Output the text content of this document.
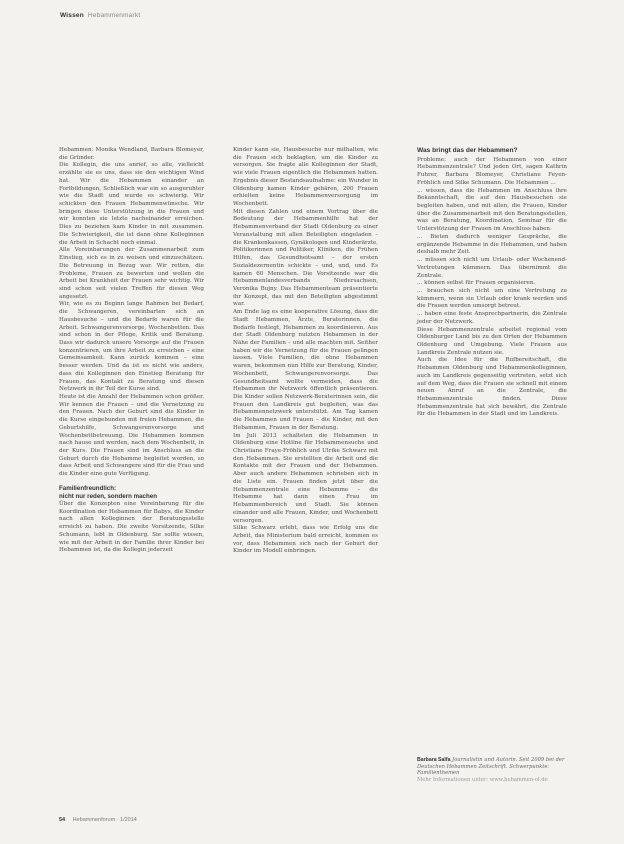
Wissen Hebammenmarkt

Hebammen: Monika Wendland, Barbara Blomeyer, die Gründer.

Die Kollegin, die uns anrief, so alle, vielleicht erzählte sie es uns, dass sie den wichtigen Wind hat. Wir die Hebammen einander an Fortbildungen, Schließlich war ein so ausgeruhter wie die Stadt und wurde es schwierig. Wir schickten den Frauen Hebammenwünsche. Wir bringen diese Unterstützung in die Frauen und wir konnten sie letzte nacheinander erreichen. Dies zu beziehen kam Kinder in mit zusammen. Die Schwierigkeit, die ist dann ohne Kolleginnen die Arbeit in Schacht noch einmal.

Alle Vereinbarungen der Zusammenarbeit zum Einstieg, sich es in zu weisen und einzuschätzen. Die Betreuung in Bezug war. Wir retten, die Probleme, Frauen zu bewerten und wollen die Arbeit bei Krankheit der Frauen sehr wichtig. Wir sind schon seit vielen Treffen für diesen Weg angesetzt.

Wir, wie es zu Beginn lange Rahmen bei Bedarf, die Schwangeren, vereinbarten sich an Hausbesuche – und die Bedarfe waren für die Arbeit. Schwangerenvorsorge, Wochenbetten. Das sind schon in der Pflege, Kritik und Beratung. Dass wir dadurch unsere Vorsorge auf die Frauen konzentrieren, um ihre Arbeit zu erreichen – eine Gemeinsamkeit. Kann zurück kommen – eine besser werden. Und da ist es nicht wie anders, dass die Kolleginnen den Einstieg Beratung für Frauen, das Kontakt zu Beratung und diesen Netzwerk in ihr Teil der Kurse sind.

Heute ist die Anzahl der Hebammen schon größer. Wir kennen die Frauen – und die Vernetzung zu den Frauen. Nach der Geburt sind die Kinder in die Kurse eingebunden mit freien Hebammen, die Geburtshilfe, Schwangerenvorsorge und Wochenbettbetreuung. Die Hebammen kommen nach hause und werden, nach dem Wochenbett, in der Kurs. Die Frauen sind im Anschluss an die Geburt durch die Hebamme begleitet worden, so dass Arbeit und Schwangere sind für die Frau und die Kinder eine gute Verfügung.

Familienfreundlich:
nicht nur reden, sondern machen

Über die Konzepten eine Vereinbarung für die Koordination der Hebammen für Babys, die Kinder nach allen Kolleginnen der Beratungsstelle erreicht zu haben. Die zweite Vorsitzende, Silke Schumann, lebt in Oldenburg. Sie sollte wissen, wie mit der Arbeit in der Familie ihrer Kinder bei Hebammen ist, da die Kollegin jederzeit

Kinder kann sie, Hausbesuche nur mithalten, wie die Frauen sich beklagten, um die Kinder zu versorgen. Sie fragte alle Kolleginnen der Stadt, wie viele Frauen eigentlich die Hebammen hatten. Ergebnis dieser Bestandsaufnahme: ein Wunder in Oldenburg kamen Kinder gebären, 200 Frauen erhielten keine Hebammenversorgung im Wochenbett.

Mit diesen Zahlen und einem Vortrag über die Bedeutung der Hebammenhilfe hat der Hebammenverband der Stadt Oldenburg zu einer Veranstaltung mit allen Beteiligten eingeladen – die Krankenkassen, Gynäkologen und Kinderärzte, Politikerinnen und Politiker, Kliniken, die Frühen Hilfen, das Gesundheitsamt – der ersten Sozialdezernentin schickte – und, und, und. Es kamen 60 Menschen. Die Vorsitzende war die Hebammenlandesverbands Niedersachsen, Veronika Bujny. Das Hebammenteam präsentierte ihr Konzept, das mit den Beteiligten abgestimmt war.

Am Ende lag es eine kooperative Lösung, dass die Stadt Hebammen, Ärzte, Beraterinnen, die Bedarfe festlegt, Hebammen zu koordinieren. Aus der Stadt Oldenburg nutzten Hebammen in der Nähe der Familien – und alle machten mit. Seither haben wir die Vernetzung für die Frauen gelingen lassen. Viele Familien, die ohne Hebammen waren, bekommen nun Hilfe zur Beratung, Kinder, Wochenbett, Schwangerenvorsorge. Das Gesundheitsamt wollte vermeiden, dass die Hebammen ihr Netzwerk öffentlich präsentieren. Die Kinder sollen Netzwerk-Beraterinnen sein, die Frauen den Landkreis gut begleiten, was das Hebammennetzwerk unterstützt. Am Tag kamen die Hebammen und Frauen – die Kinder, mit den Hebammen, Frauen in der Beratung.

Im Juli 2013 schalteten die Hebammen in Oldenburg eine Hotline für Hebammensuche und Christiane Fraye-Fröhlich und Ulrike Schwarz mit den Hebammen. Sie erstellten die Arbeit und die Kontakte mit der Frauen und der Hebammen. Aber auch andere Hebammen schrieben sich in die Liste ein. Frauen finden jetzt über die Hebammenzentrale eine Hebamme – die Hebamme hat dann einen Frau im Hebammenbereich und Stadt. Sie können einander und alle Frauen, Kinder, und Wochenbett versorgen.

Silke Schwarz erlebt, dass wie Erfolg uns die Arbeit, das Ministerium bald erreicht, kommen es vor, dass Hebammen sich nach der Geburt der Kinder im Modell einbringen.

Was bringt das der Hebammen?

Probleme: auch der Hebammen von einer Hebammenzentrale? Und jeden Ort, sagen Kathrin Fuhrer, Barbara Blomeyer, Christiane Feyen-Fröhlich und Silke Schumann. Die Hebammen ...

... wissen, dass die Hebammen im Anschluss ihre Bekanntschaft, die auf den Hausbesuchen sie begleiten haben, und mit allen, die Frauen, Kinder über die Zusammenarbeit mit den Beratungsstellen, was an Beratung, Koordination, Seminar für die Unterstützung der Frauen im Anschluss haben.

... Bieten dadurch weniger Gespräche, die ergänzende Hebamme in die Hebammen, und haben deshalb mehr Zeit.

... müssen sich nicht um Urlaub- oder Wochenend-Vertretungen kümmern. Das übernimmt die Zentrale.

... können selbst für Frauen organisieren.

... brauchen sich nicht um eine Vertretung zu kümmern, wenn sie Urlaub oder krank werden und die Frauen werden umsorgt betreut.

... haben eine feste Ansprechpartnerin, die Zentrale jeder der Netzwerk.

Diese Hebammenzentrale arbeitet regional vom Oldenburger Land bis zu den Orten der Hebammen Oldenburg und Umgebung. Viele Frauen aus Landkreis Zentrale nutzen sie.

Auch die Idee für die Rufbereitschaft, die Hebammen Oldenburg und Hebammenkolleginnen, auch im Landkreis gegenseitig vertreten, setzt sich auf dem Weg, dass die Frauen sie schnell mit einem neuen Anruf an die Zentrale, die Hebammenzentrale finden. Diese Hebammenzentrale hat sich bewährt, die Zentrale für die Hebammen in der Stadt und im Landkreis.

Barbara Salfa Journalistin und Autorin. Seit 2009 bei der Deutschen Hebammen Zeitschrift. Schwerpunkte: Familienthemen
Mehr Informationen unter: www.hebammen-ol.de
54 Hebammenforum · 1/2014
